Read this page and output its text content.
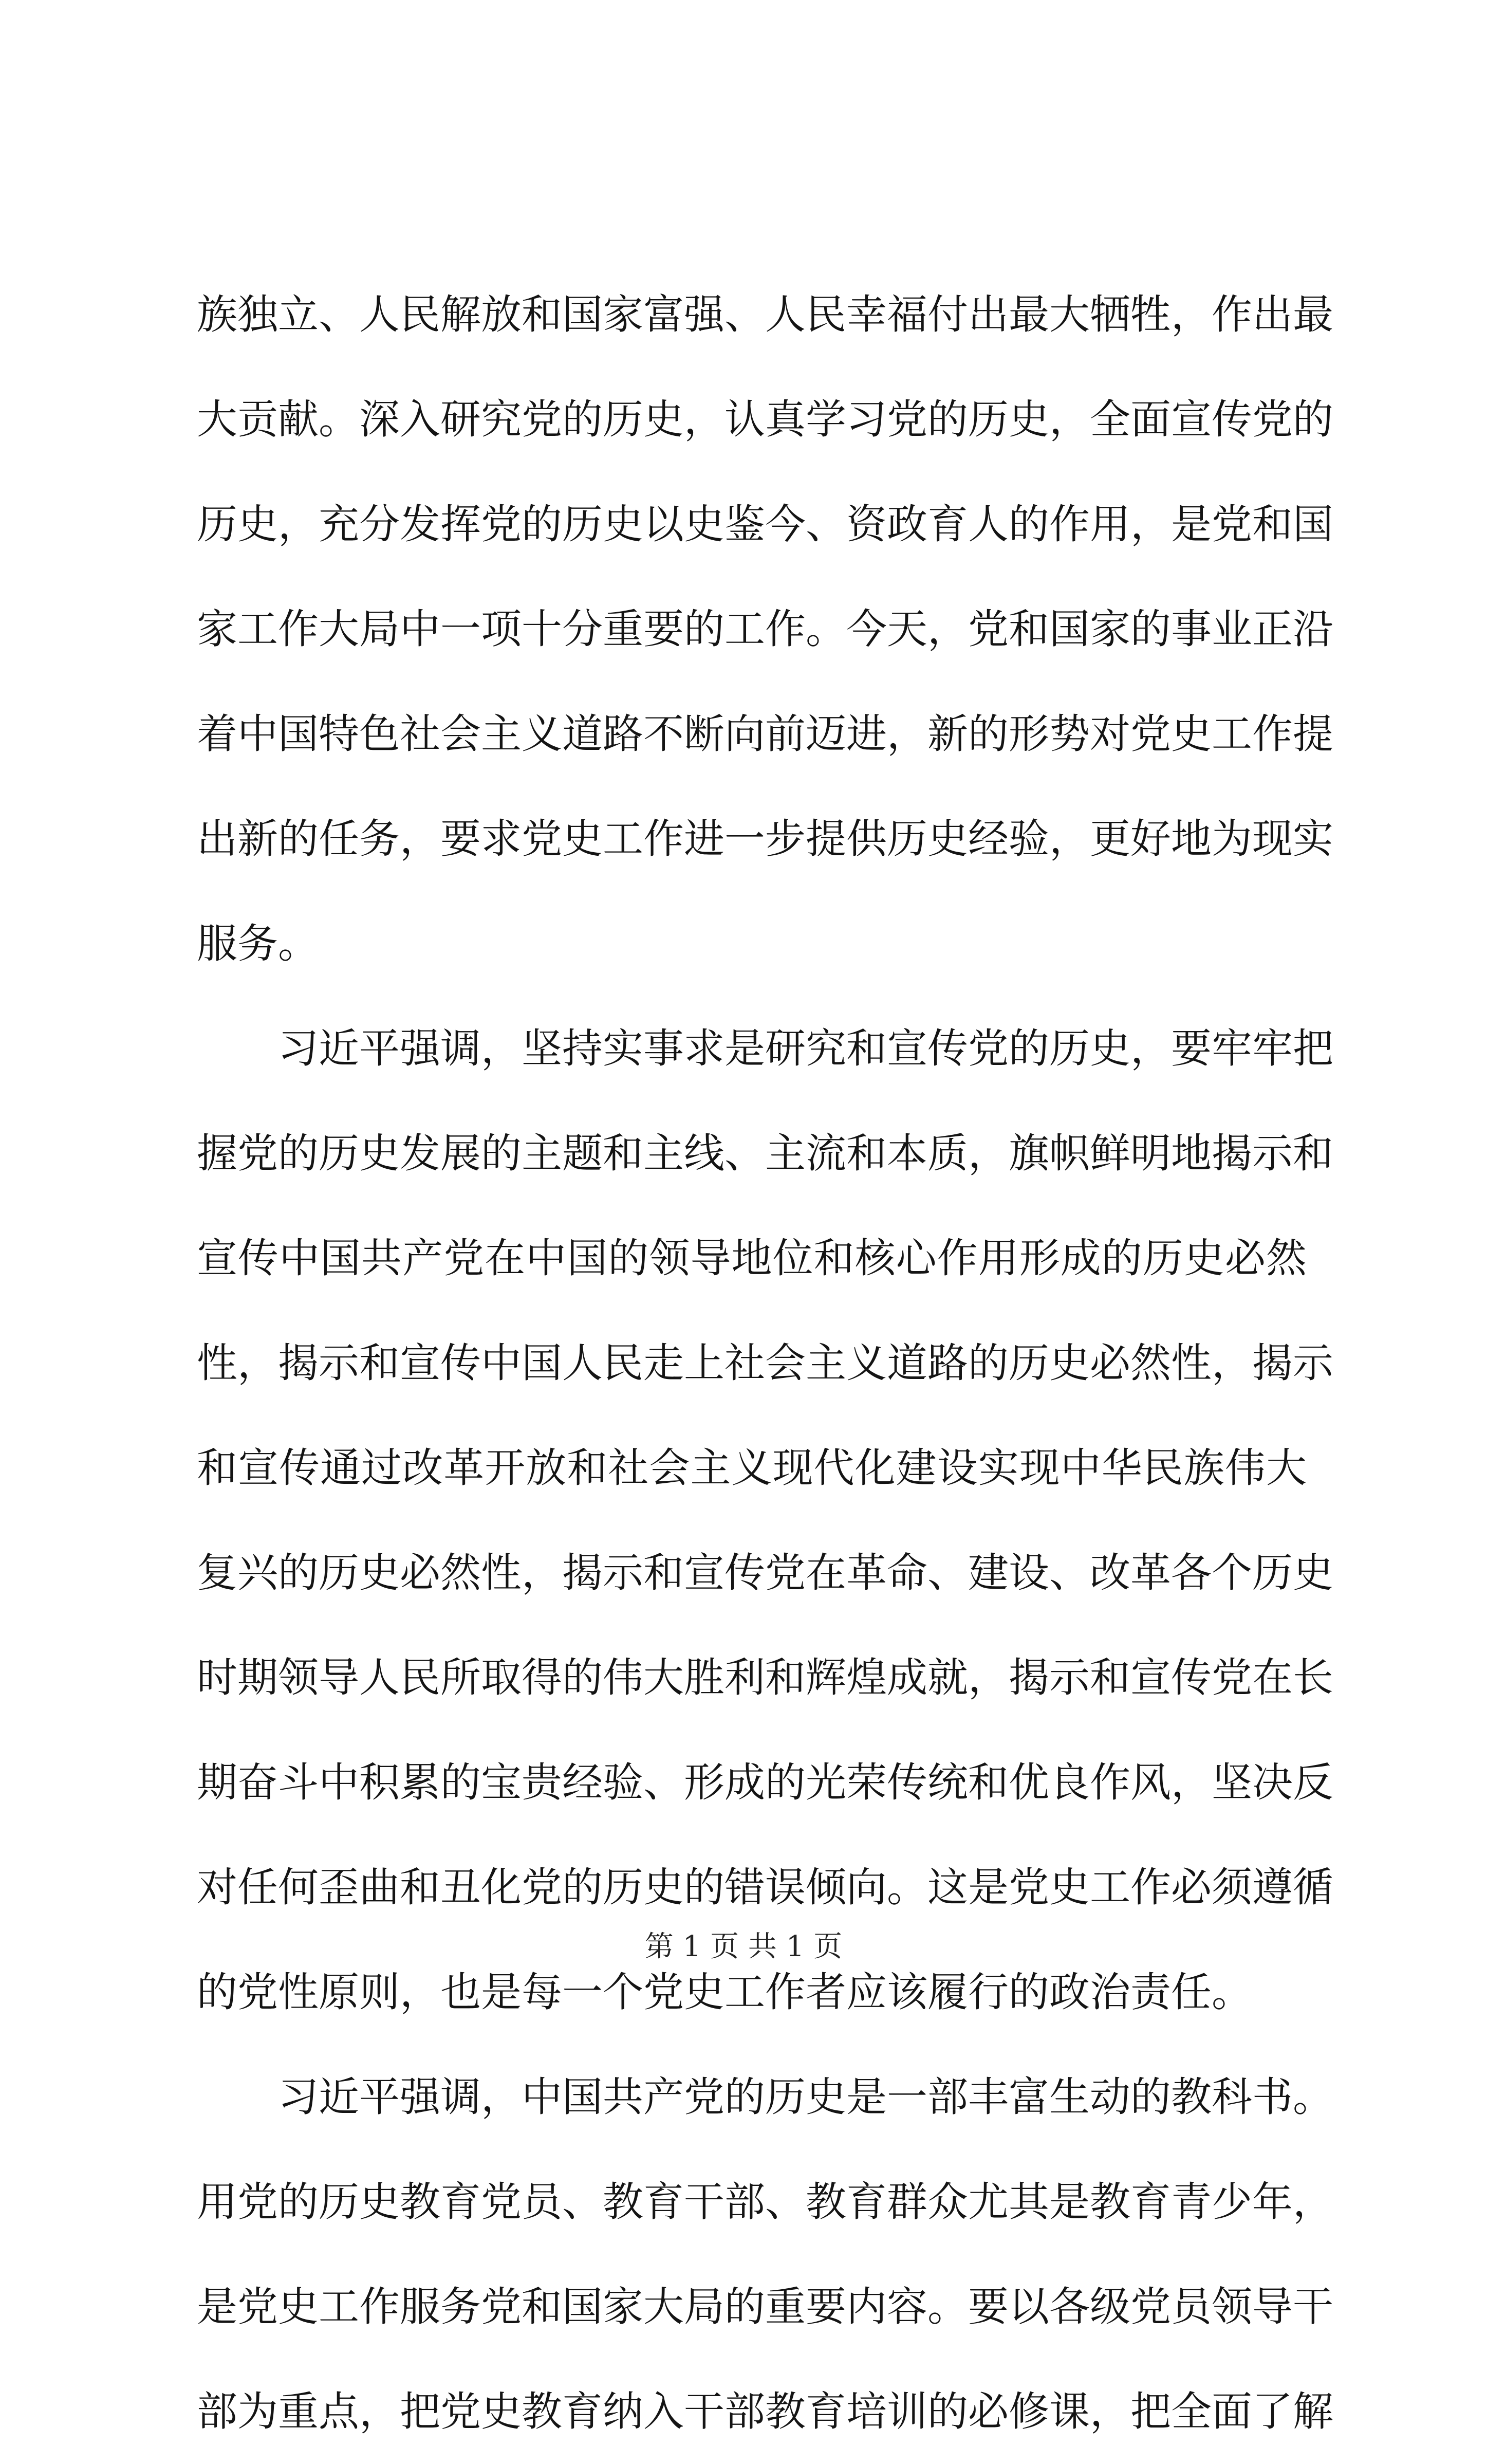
族独立、人民解放和国家富强、人民幸福付出最大牺牲，作出最
大贡献。深入研究党的历史，认真学习党的历史，全面宣传党的
历史，充分发挥党的历史以史鉴今、资政育人的作用，是党和国
家工作大局中一项十分重要的工作。今天，党和国家的事业正沿
着中国特色社会主义道路不断向前迈进，新的形势对党史工作提
出新的任务，要求党史工作进一步提供历史经验，更好地为现实
服务。
习近平强调，坚持实事求是研究和宣传党的历史，要牢牢把
握党的历史发展的主题和主线、主流和本质，旗帜鲜明地揭示和
宣传中国共产党在中国的领导地位和核心作用形成的历史必然
性，揭示和宣传中国人民走上社会主义道路的历史必然性，揭示
和宣传通过改革开放和社会主义现代化建设实现中华民族伟大
复兴的历史必然性，揭示和宣传党在革命、建设、改革各个历史
时期领导人民所取得的伟大胜利和辉煌成就，揭示和宣传党在长
期奋斗中积累的宝贵经验、形成的光荣传统和优良作风，坚决反
对任何歪曲和丑化党的历史的错误倾向。这是党史工作必须遵循
的党性原则，也是每一个党史工作者应该履行的政治责任。
习近平强调，中国共产党的历史是一部丰富生动的教科书。
用党的历史教育党员、教育干部、教育群众尤其是教育青少年，
是党史工作服务党和国家大局的重要内容。要以各级党员领导干
部为重点，把党史教育纳入干部教育培训的必修课，把全面了解
第 1 页 共 1 页
